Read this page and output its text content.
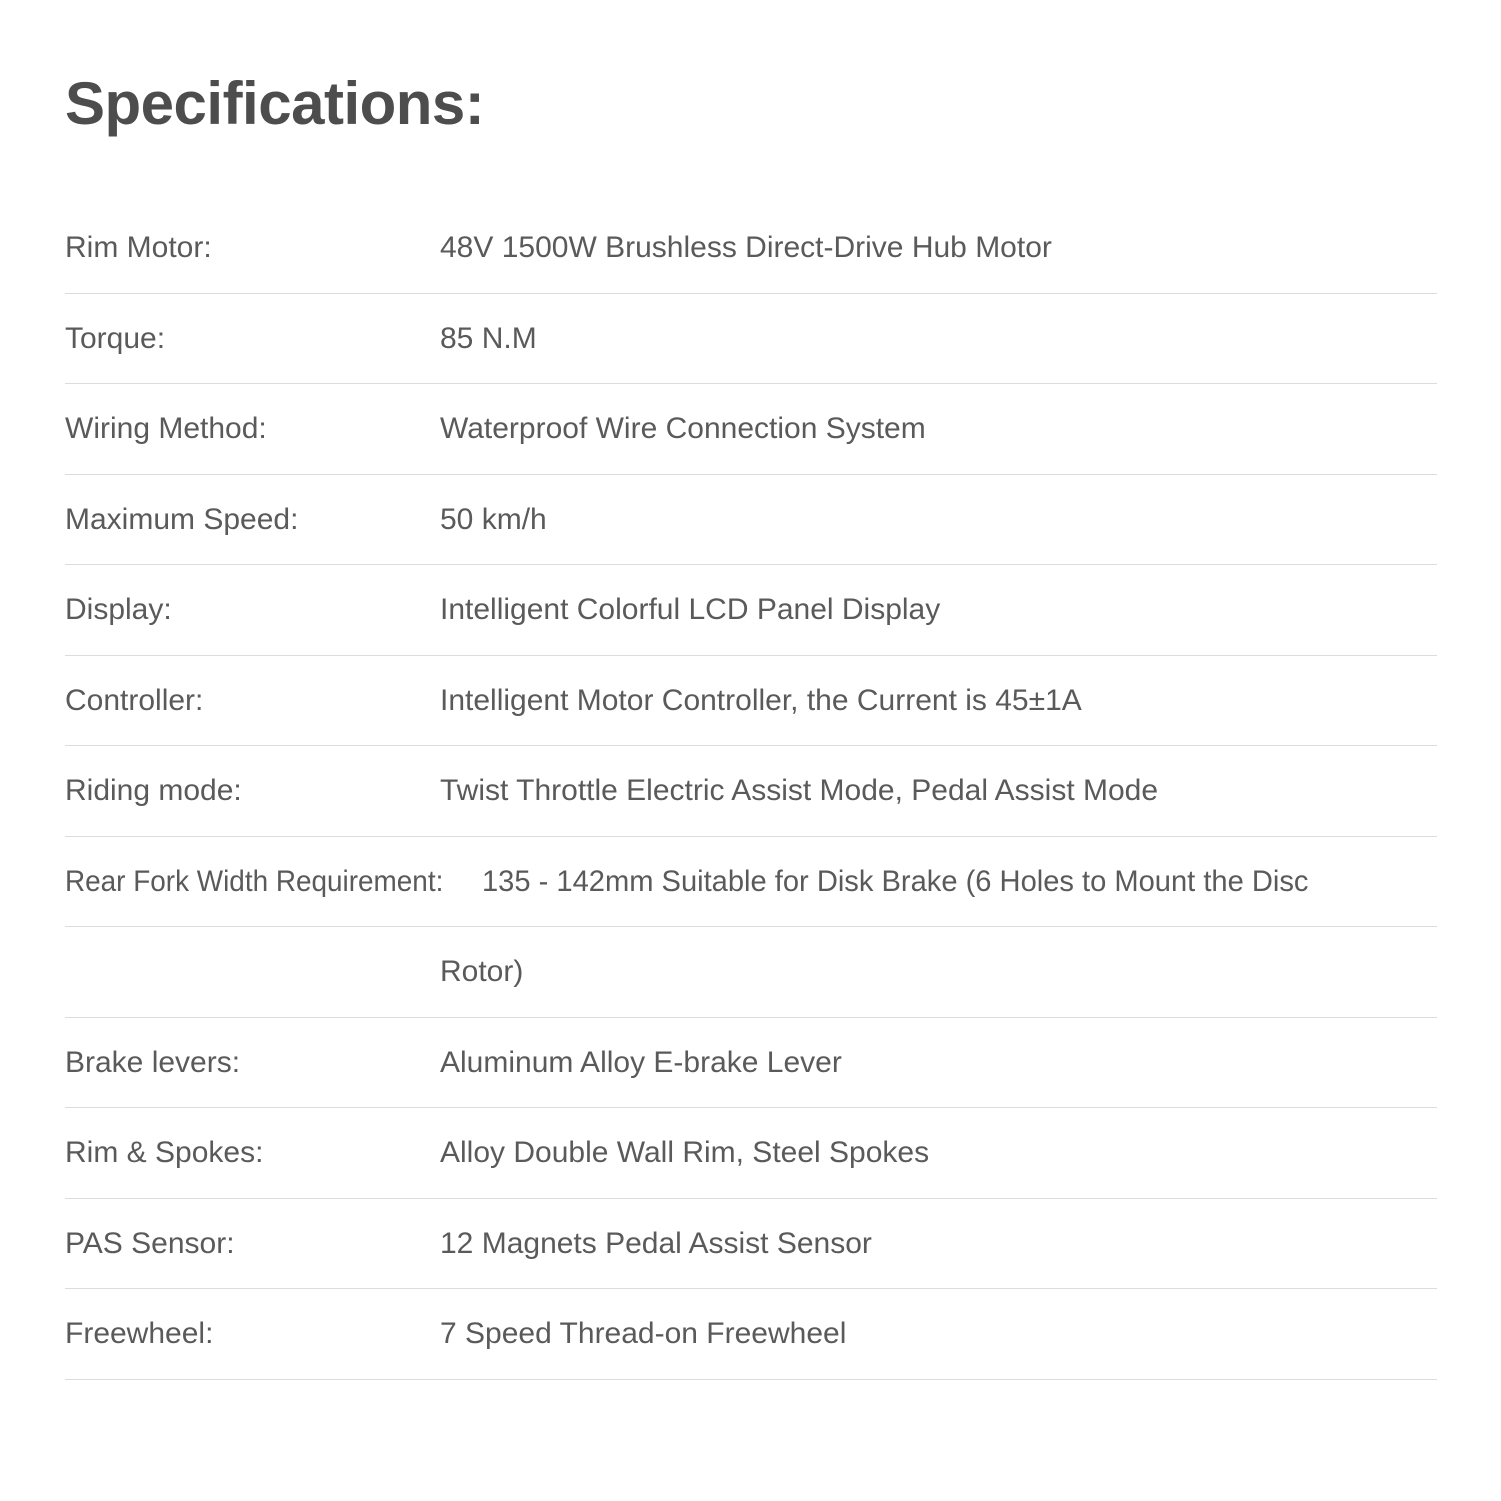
Specifications:
Rim Motor:	48V 1500W Brushless Direct-Drive Hub Motor
Torque:	85 N.M
Wiring Method:	Waterproof Wire Connection System
Maximum Speed:	50 km/h
Display:	Intelligent Colorful LCD Panel Display
Controller:	Intelligent Motor Controller, the Current is 45±1A
Riding mode:	Twist Throttle Electric Assist Mode, Pedal Assist Mode
Rear Fork Width Requirement:	135 - 142mm Suitable for Disk Brake (6 Holes to Mount the Disc
Rotor)
Brake levers:	Aluminum Alloy E-brake Lever
Rim & Spokes:	Alloy Double Wall Rim, Steel Spokes
PAS Sensor:	12 Magnets Pedal Assist Sensor
Freewheel:	7 Speed Thread-on Freewheel
